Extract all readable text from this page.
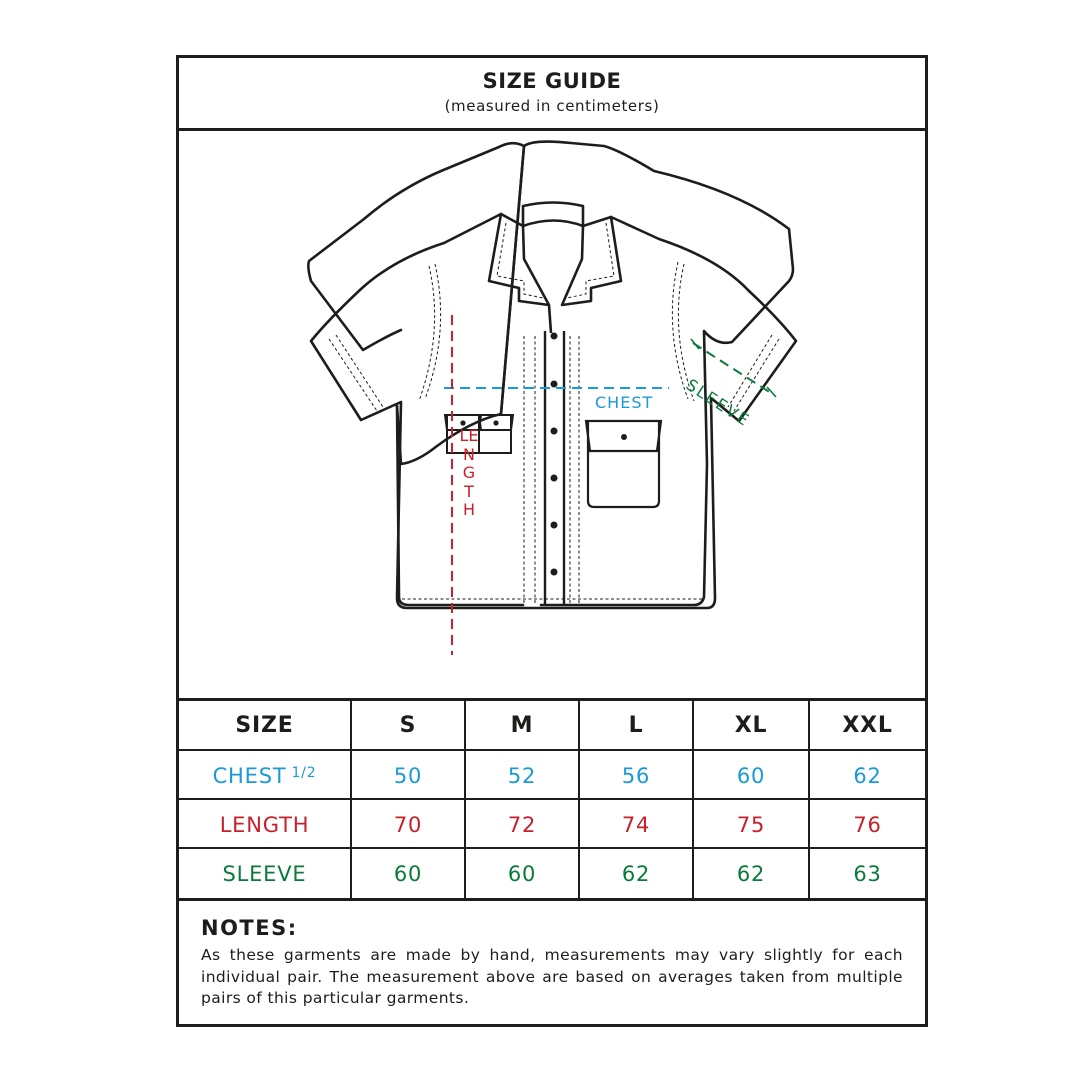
SIZE GUIDE
(measured in centimeters)
CHEST
LENGTH
SLEEVE
SIZE	S	M	L	XL	XXL
CHEST 1/2	50	52	56	60	62
LENGTH	70	72	74	75	76
SLEEVE	60	60	62	62	63
NOTES:
As these garments are made by hand, measurements may vary slightly for each individual pair. The measurement above are based on averages taken from multiple pairs of this particular garments.
